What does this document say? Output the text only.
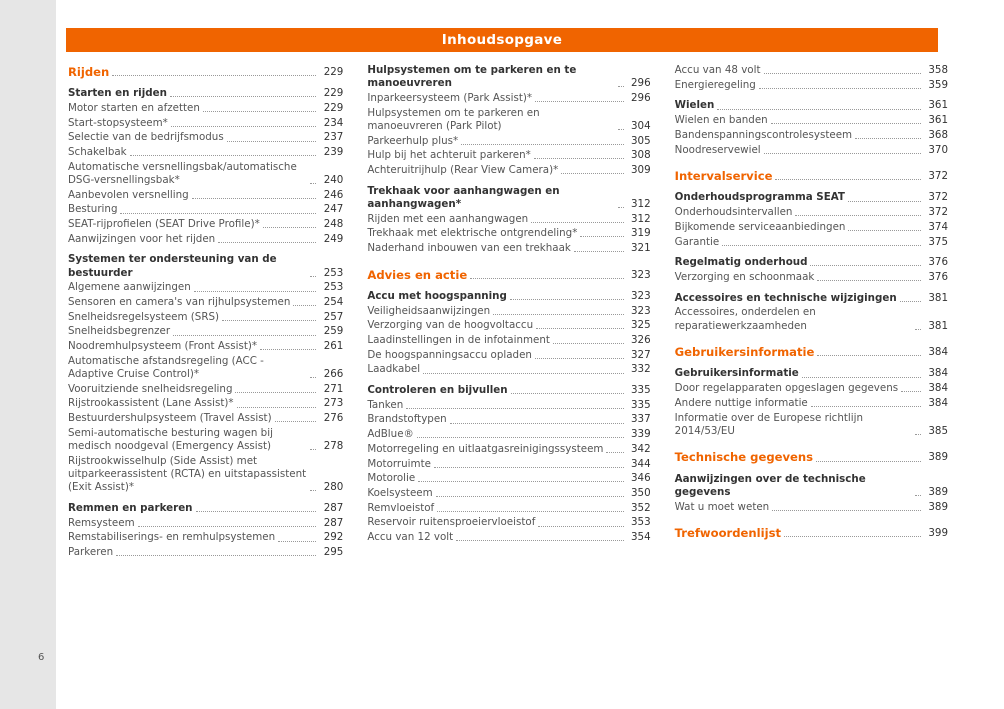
Inhoudsopgave
Rijden	229
Starten en rijden	229
Motor starten en afzetten	229
Start-stopsysteem*	234
Selectie van de bedrijfsmodus	237
Schakelbak	239
Automatische versnellingsbak/automatische DSG-versnellingsbak*	240
Aanbevolen versnelling	246
Besturing	247
SEAT-rijprofielen (SEAT Drive Profile)*	248
Aanwijzingen voor het rijden	249
Systemen ter ondersteuning van de bestuurder	253
Algemene aanwijzingen	253
Sensoren en camera's van rijhulpsystemen	254
Snelheidsregelsysteem (SRS)	257
Snelheidsbegrenzer	259
Noodremhulpsysteem (Front Assist)*	261
Automatische afstandsregeling (ACC - Adaptive Cruise Control)*	266
Vooruitziende snelheidsregeling	271
Rijstrookassistent (Lane Assist)*	273
Bestuurdershulpsysteem (Travel Assist)	276
Semi-automatische besturing wagen bij medisch noodgeval (Emergency Assist)	278
Rijstrookwisselhulp (Side Assist) met uitparkeerassistent (RCTA) en uitstapassistent (Exit Assist)*	280
Remmen en parkeren	287
Remsysteem	287
Remstabiliserings- en remhulpsystemen	292
Parkeren	295
Hulpsystemen om te parkeren en te manoeuvreren	296
Inparkeersysteem (Park Assist)*	296
Hulpsystemen om te parkeren en manoeuvreren (Park Pilot)	304
Parkeerhulp plus*	305
Hulp bij het achteruit parkeren*	308
Achteruitrijhulp (Rear View Camera)*	309
Trekhaak voor aanhangwagen en aanhangwagen*	312
Rijden met een aanhangwagen	312
Trekhaak met elektrische ontgrendeling*	319
Naderhand inbouwen van een trekhaak	321
Advies en actie	323
Accu met hoogspanning	323
Veiligheidsaanwijzingen	323
Verzorging van de hoogvoltaccu	325
Laadinstellingen in de infotainment	326
De hoogspanningsaccu opladen	327
Laadkabel	332
Controleren en bijvullen	335
Tanken	335
Brandstoftypen	337
AdBlue®	339
Motorregeling en uitlaatgasreinigingssysteem	342
Motorruimte	344
Motorolie	346
Koelsysteem	350
Remvloeistof	352
Reservoir ruitensproeiervloeistof	353
Accu van 12 volt	354
Accu van 48 volt	358
Energieregeling	359
Wielen	361
Wielen en banden	361
Bandenspanningscontrolesysteem	368
Noodreservewiel	370
Intervalservice	372
Onderhoudsprogramma SEAT	372
Onderhoudsintervallen	372
Bijkomende serviceaanbiedingen	374
Garantie	375
Regelmatig onderhoud	376
Verzorging en schoonmaak	376
Accessoires en technische wijzigingen	381
Accessoires, onderdelen en reparatiewerkzaamheden	381
Gebruikersinformatie	384
Gebruikersinformatie	384
Door regelapparaten opgeslagen gegevens	384
Andere nuttige informatie	384
Informatie over de Europese richtlijn 2014/53/EU	385
Technische gegevens	389
Aanwijzingen over de technische gegevens	389
Wat u moet weten	389
Trefwoordenlijst	399
6
